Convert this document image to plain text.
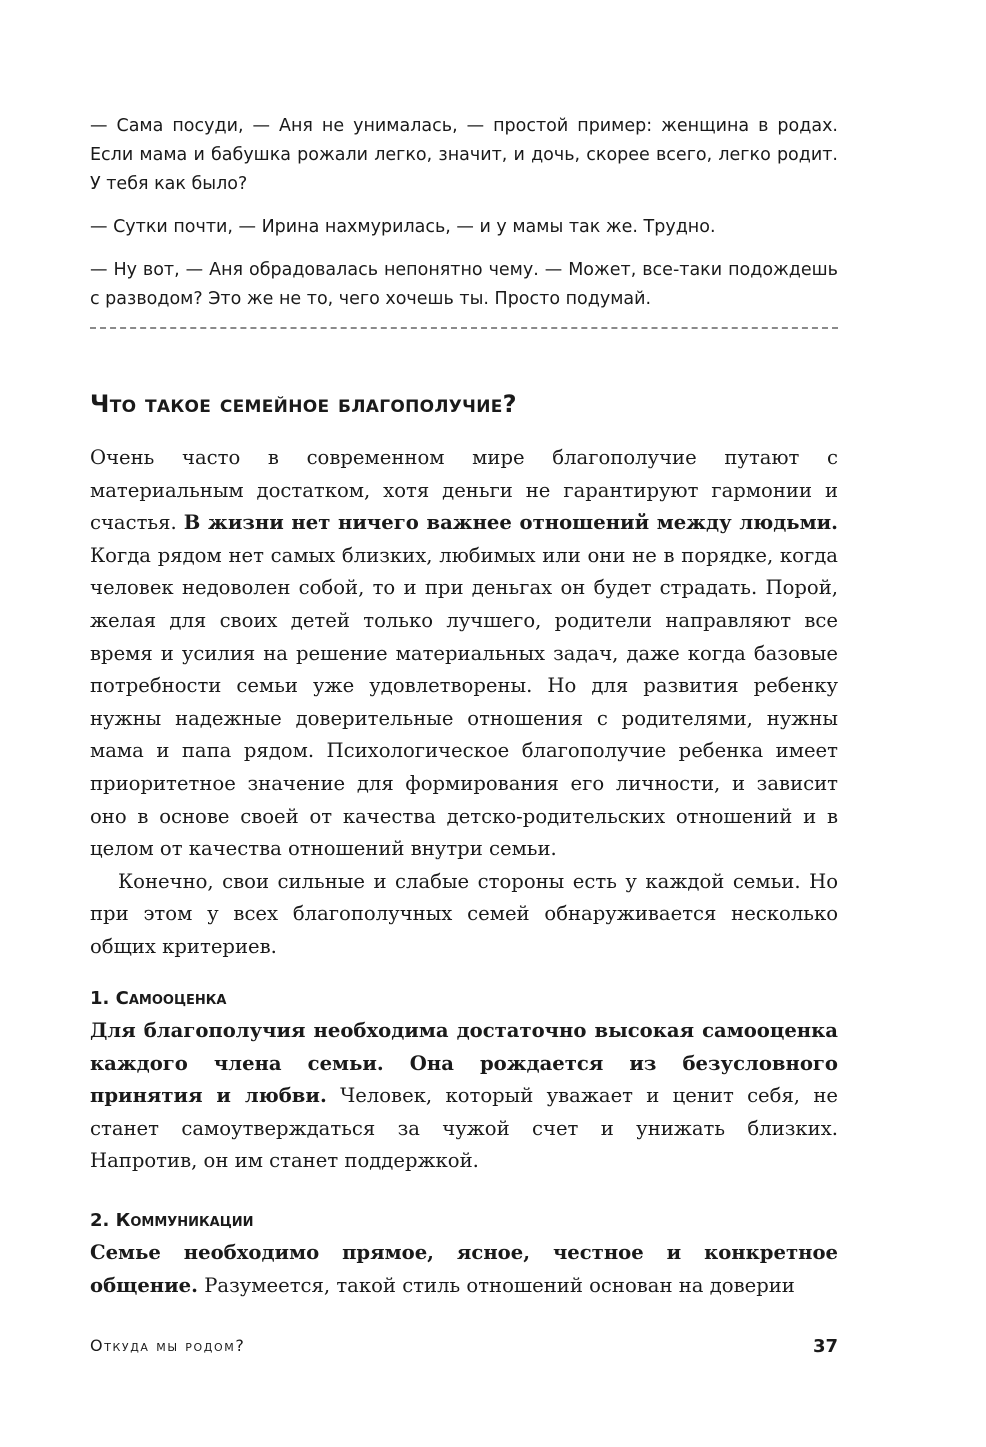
— Сама посуди, — Аня не унималась, — простой пример: женщина в родах. Если мама и бабушка рожали легко, значит, и дочь, скорее всего, легко родит. У тебя как было?

— Сутки почти, — Ирина нахмурилась, — и у мамы так же. Трудно.

— Ну вот, — Аня обрадовалась непонятно чему. — Может, все-таки подождешь с разводом? Это же не то, чего хочешь ты. Просто подумай.

Что такое семейное благополучие?

Очень часто в современном мире благополучие путают с материальным достатком, хотя деньги не гарантируют гармонии и счастья. В жизни нет ничего важнее отношений между людьми. Когда рядом нет самых близких, любимых или они не в порядке, когда человек недоволен собой, то и при деньгах он будет страдать. Порой, желая для своих детей только лучшего, родители направляют все время и усилия на решение материальных задач, даже когда базовые потребности семьи уже удовлетворены. Но для развития ребенку нужны надежные доверительные отношения с родителями, нужны мама и папа рядом. Психологическое благополучие ребенка имеет приоритетное значение для формирования его личности, и зависит оно в основе своей от качества детско-родительских отношений и в целом от качества отношений внутри семьи.

Конечно, свои сильные и слабые стороны есть у каждой семьи. Но при этом у всех благополучных семей обнаруживается несколько общих критериев.

1. Самооценка

Для благополучия необходима достаточно высокая самооценка каждого члена семьи. Она рождается из безусловного принятия и любви. Человек, который уважает и ценит себя, не станет самоутверждаться за чужой счет и унижать близких. Напротив, он им станет поддержкой.

2. Коммуникации

Семье необходимо прямое, ясное, честное и конкретное общение. Разумеется, такой стиль отношений основан на доверии

Откуда мы родом?	37
